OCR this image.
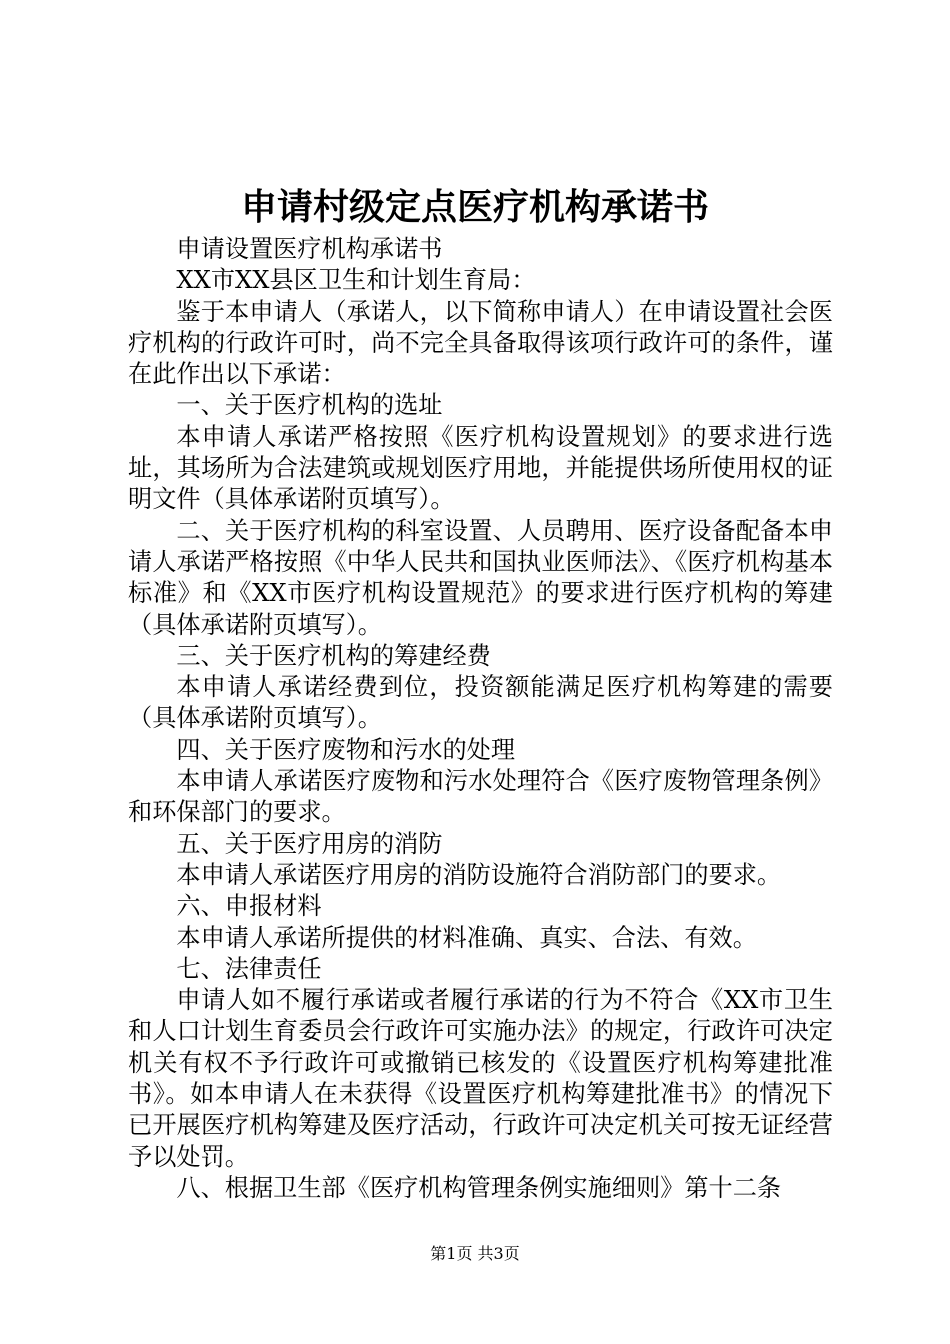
申请村级定点医疗机构承诺书

申请设置医疗机构承诺书

XX市XX县区卫生和计划生育局：

鉴于本申请人（承诺人，以下简称申请人）在申请设置社会医疗机构的行政许可时，尚不完全具备取得该项行政许可的条件，谨在此作出以下承诺：

一、关于医疗机构的选址

本申请人承诺严格按照《医疗机构设置规划》的要求进行选址，其场所为合法建筑或规划医疗用地，并能提供场所使用权的证明文件（具体承诺附页填写）。

二、关于医疗机构的科室设置、人员聘用、医疗设备配备本申请人承诺严格按照《中华人民共和国执业医师法》、《医疗机构基本标准》和《XX市医疗机构设置规范》的要求进行医疗机构的筹建（具体承诺附页填写）。

三、关于医疗机构的筹建经费

本申请人承诺经费到位，投资额能满足医疗机构筹建的需要（具体承诺附页填写）。

四、关于医疗废物和污水的处理

本申请人承诺医疗废物和污水处理符合《医疗废物管理条例》和环保部门的要求。

五、关于医疗用房的消防

本申请人承诺医疗用房的消防设施符合消防部门的要求。

六、申报材料

本申请人承诺所提供的材料准确、真实、合法、有效。

七、法律责任

申请人如不履行承诺或者履行承诺的行为不符合《XX市卫生和人口计划生育委员会行政许可实施办法》的规定，行政许可决定机关有权不予行政许可或撤销已核发的《设置医疗机构筹建批准书》。如本申请人在未获得《设置医疗机构筹建批准书》的情况下已开展医疗机构筹建及医疗活动，行政许可决定机关可按无证经营予以处罚。

八、根据卫生部《医疗机构管理条例实施细则》第十二条

第1页 共3页
